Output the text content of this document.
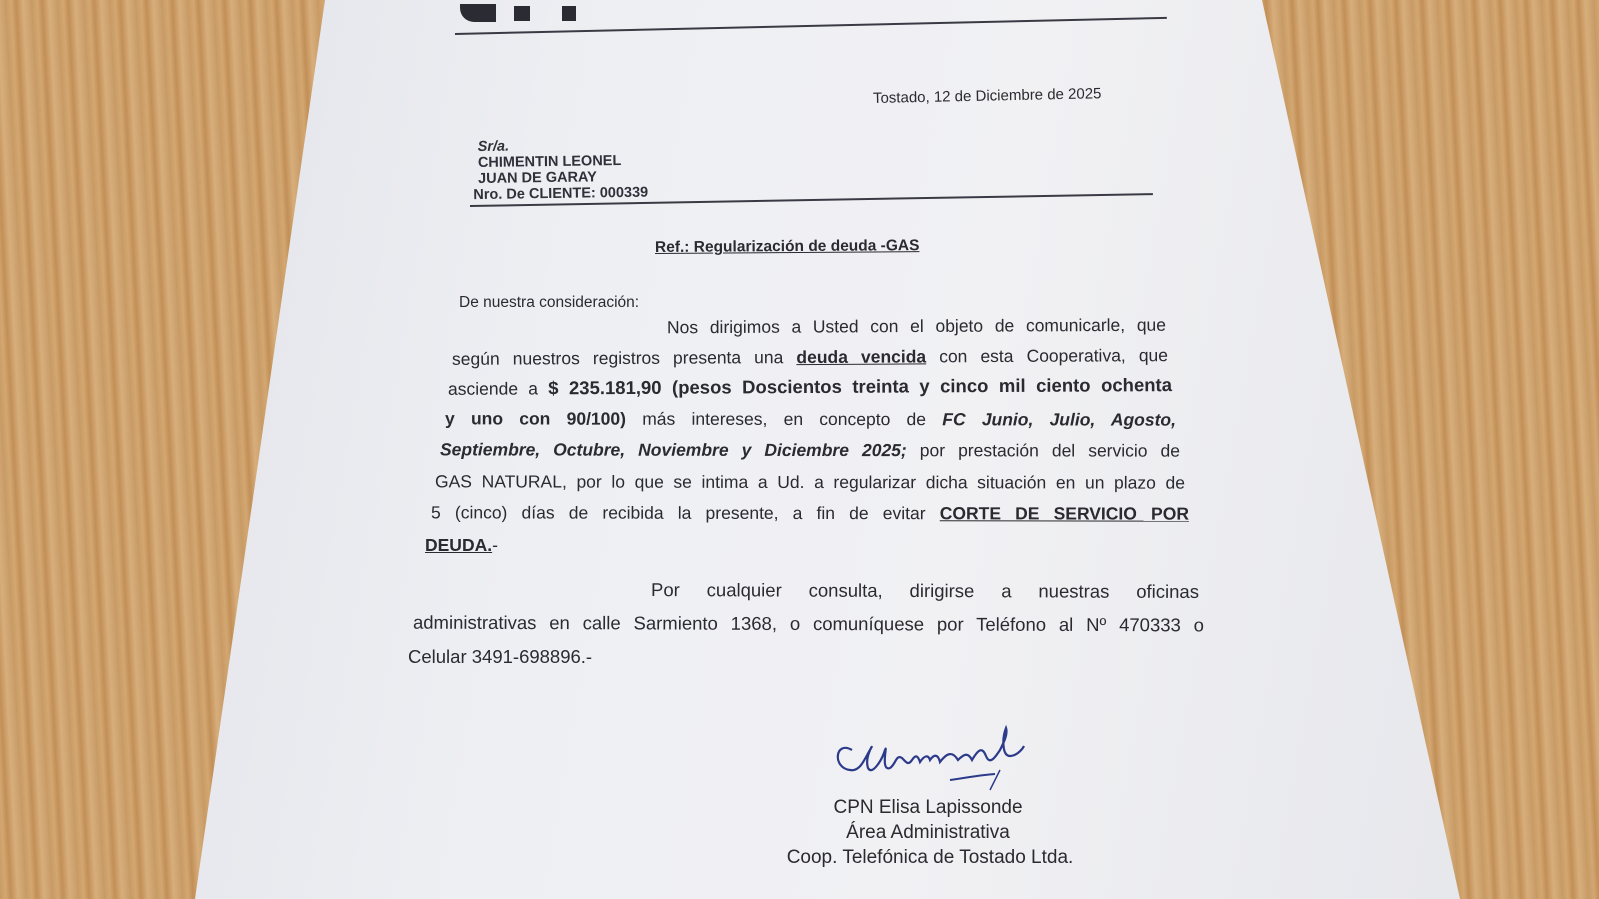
Tostado, 12 de Diciembre de 2025
Sr/a.
CHIMENTIN LEONEL
JUAN DE GARAY
Nro. De CLIENTE: 000339
Ref.: Regularización de deuda -GAS
De nuestra consideración:
Nos dirigimos a Usted con el objeto de comunicarle, que
según nuestros registros presenta una deuda vencida con esta Cooperativa, que
asciende a $ 235.181,90 (pesos Doscientos treinta y cinco mil ciento ochenta
y uno con 90/100) más intereses, en concepto de FC Junio, Julio, Agosto,
Septiembre, Octubre, Noviembre y Diciembre 2025; por prestación del servicio de
GAS NATURAL, por lo que se intima a Ud. a regularizar dicha situación en un plazo de
5 (cinco) días de recibida la presente, a fin de evitar CORTE DE SERVICIO POR
DEUDA.-
Por cualquier consulta, dirigirse a nuestras oficinas
administrativas en calle Sarmiento 1368, o comuníquese por Teléfono al Nº 470333 o
Celular 3491-698896.-
CPN Elisa Lapissonde
Área Administrativa
Coop. Telefónica de Tostado Ltda.
